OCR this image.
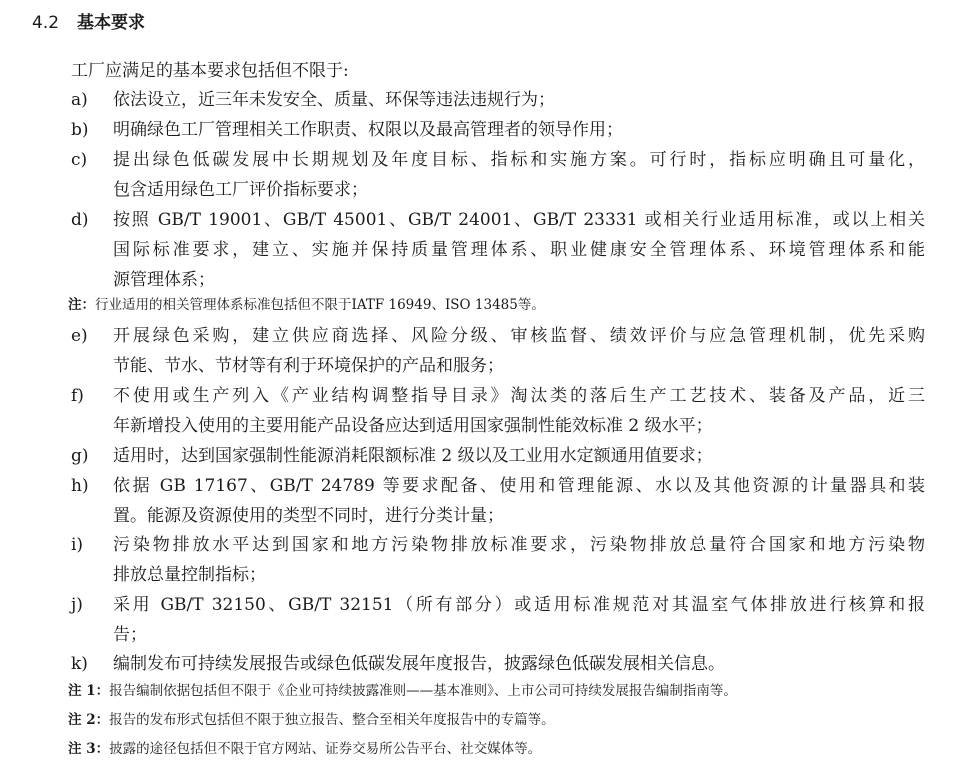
4.2 基本要求
工厂应满足的基本要求包括但不限于:
a) 依法设立，近三年未发安全、质量、环保等违法违规行为；
b) 明确绿色工厂管理相关工作职责、权限以及最高管理者的领导作用；
c) 提出绿色低碳发展中长期规划及年度目标、指标和实施方案。可行时，指标应明确且可量化，
包含适用绿色工厂评价指标要求；
d) 按照 GB/T 19001、GB/T 45001、GB/T 24001、GB/T 23331 或相关行业适用标准，或以上相关
国际标准要求，建立、实施并保持质量管理体系、职业健康安全管理体系、环境管理体系和能
源管理体系；
注：行业适用的相关管理体系标准包括但不限于IATF 16949、ISO 13485等。
e) 开展绿色采购，建立供应商选择、风险分级、审核监督、绩效评价与应急管理机制，优先采购
节能、节水、节材等有利于环境保护的产品和服务；
f) 不使用或生产列入《产业结构调整指导目录》淘汰类的落后生产工艺技术、装备及产品，近三
年新增投入使用的主要用能产品设备应达到适用国家强制性能效标准 2 级水平；
g) 适用时，达到国家强制性能源消耗限额标准 2 级以及工业用水定额通用值要求；
h) 依据 GB 17167、GB/T 24789 等要求配备、使用和管理能源、水以及其他资源的计量器具和装
置。能源及资源使用的类型不同时，进行分类计量；
i) 污染物排放水平达到国家和地方污染物排放标准要求，污染物排放总量符合国家和地方污染物
排放总量控制指标；
j) 采用 GB/T 32150、GB/T 32151（所有部分）或适用标准规范对其温室气体排放进行核算和报
告；
k) 编制发布可持续发展报告或绿色低碳发展年度报告，披露绿色低碳发展相关信息。
注 1：报告编制依据包括但不限于《企业可持续披露准则——基本准则》、上市公司可持续发展报告编制指南等。
注 2：报告的发布形式包括但不限于独立报告、整合至相关年度报告中的专篇等。
注 3：披露的途径包括但不限于官方网站、证券交易所公告平台、社交媒体等。
